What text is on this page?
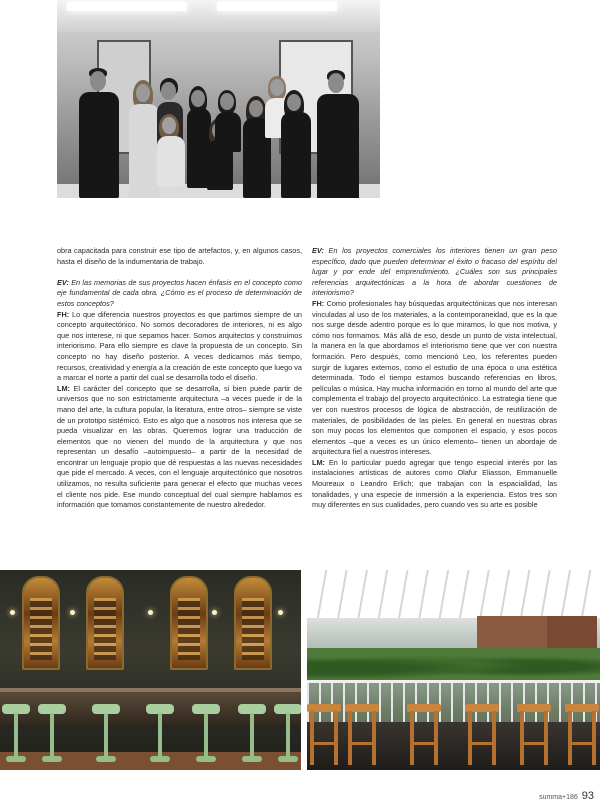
obra capacitada para construir ese tipo de artefactos, y, en algunos casos, hasta el diseño de la indumentaria de trabajo.

EV: En las memorias de sus proyectos hacen énfasis en el concepto como eje fundamental de cada obra. ¿Cómo es el proceso de determinación de estos conceptos?

FH: Lo que diferencia nuestros proyectos es que partimos siempre de un concepto arquitectónico. No somos decoradores de interiores, ni es algo que nos interese, ni que sepamos hacer. Somos arquitectos y construimos interiorismo. Para ello siempre es clave la propuesta de un concepto. Sin concepto no hay diseño posterior. A veces dedicamos más tiempo, recursos, creatividad y energía a la creación de este concepto que luego va a marcar el norte a partir del cual se desarrolla todo el diseño.

LM: El carácter del concepto que se desarrolla, si bien puede partir de universos que no son estrictamente arquitectura –a veces puede ir de la mano del arte, la cultura popular, la literatura, entre otros– siempre se viste de un prototipo sistémico. Esto es algo que a nosotros nos interesa que se pueda visualizar en las obras. Queremos lograr una traducción de elementos que no vienen del mundo de la arquitectura y que nos representan un desafío –autoimpuesto– a partir de la necesidad de encontrar un lenguaje propio que dé respuestas a las nuevas necesidades que pide el mercado. A veces, con el lenguaje arquitectónico que nosotros utilizamos, no resulta suficiente para generar el efecto que muchas veces el cliente nos pide. Ese mundo conceptual del cual siempre hablamos es información que tomamos constantemente de nuestro alrededor.

EV: En los proyectos comerciales los interiores tienen un gran peso específico, dado que pueden determinar el éxito o fracaso del espíritu del lugar y por ende del emprendimiento. ¿Cuáles son sus principales referencias arquitectónicas a la hora de abordar cuestiones de interiorismo?

FH: Como profesionales hay búsquedas arquitectónicas que nos interesan vinculadas al uso de los materiales, a la contemporaneidad, que es la que nos surge desde adentro porque es lo que miramos, lo que nos motiva, y cómo nos formamos. Más allá de eso, desde un punto de vista intelectual, la manera en la que abordamos el interiorismo tiene que ver con nuestra formación. Pero después, como mencionó Leo, los referentes pueden surgir de lugares externos, como el estudio de una época o una estética determinada. Todo el tiempo estamos buscando referencias en libros, películas o música. Hay mucha información en torno al mundo del arte que complementa el trabajo del proyecto arquitectónico. La estrategia tiene que ver con nuestros procesos de lógica de abstracción, de reutilización de materiales, de posibilidades de las pieles. En general en nuestras obras son muy pocos los elementos que componen el espacio, y esos pocos elementos –que a veces es un único elemento– tienen un abordaje de arquitectura fiel a nuestros intereses.

LM: En lo particular puedo agregar que tengo especial interés por las instalaciones artísticas de autores como Olafur Eliasson, Emmanuelle Moureaux o Leandro Erlich; que trabajan con la espacialidad, las tonalidades, y una especie de inmersión a la experiencia. Estos tres son muy diferentes en sus cualidades, pero cuando ves su arte es posible

summa+186 93
